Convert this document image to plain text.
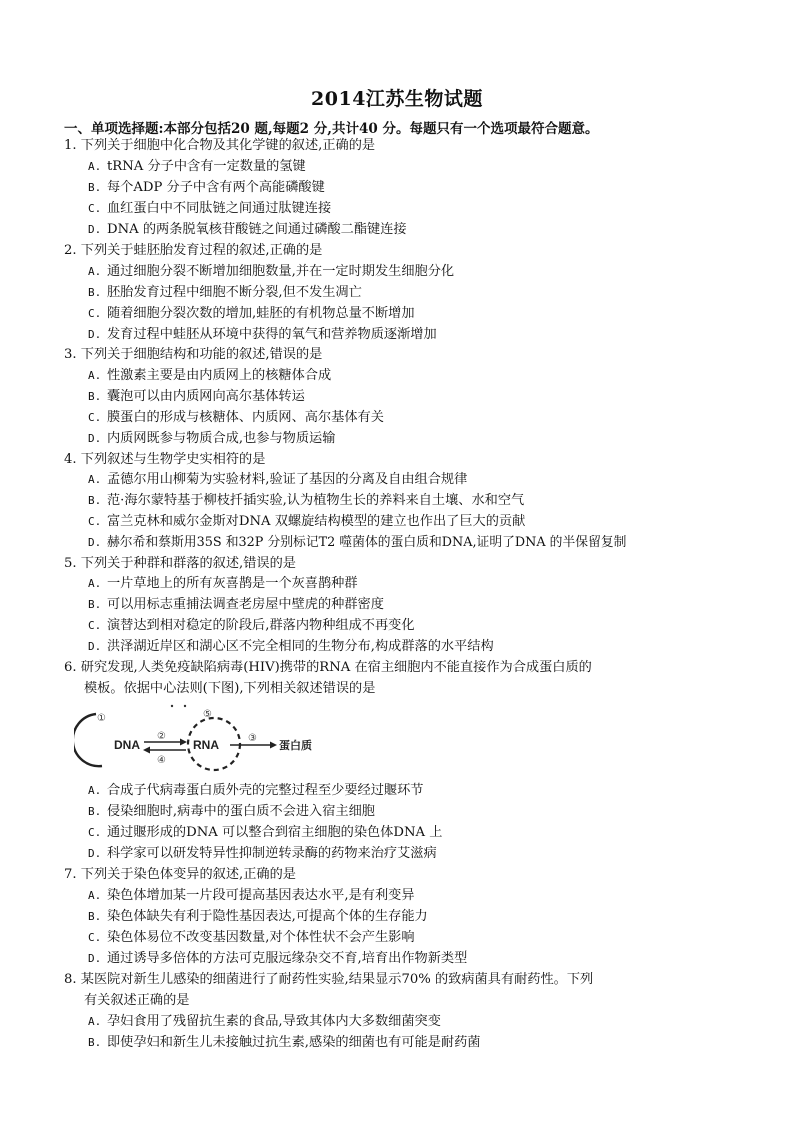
2014江苏生物试题
一、单项选择题:本部分包括20 题,每题2 分,共计40 分。每题只有一个选项最符合题意。
1. 下列关于细胞中化合物及其化学键的叙述,正确的是
A. tRNA 分子中含有一定数量的氢键
B. 每个ADP 分子中含有两个高能磷酸键
C. 血红蛋白中不同肽链之间通过肽键连接
D. DNA 的两条脱氧核苷酸链之间通过磷酸二酯键连接
2. 下列关于蛙胚胎发育过程的叙述,正确的是
A. 通过细胞分裂不断增加细胞数量,并在一定时期发生细胞分化
B. 胚胎发育过程中细胞不断分裂,但不发生凋亡
C. 随着细胞分裂次数的增加,蛙胚的有机物总量不断增加
D. 发育过程中蛙胚从环境中获得的氧气和营养物质逐渐增加
3. 下列关于细胞结构和功能的叙述,错误的是
A. 性激素主要是由内质网上的核糖体合成
B. 囊泡可以由内质网向高尔基体转运
C. 膜蛋白的形成与核糖体、内质网、高尔基体有关
D. 内质网既参与物质合成,也参与物质运输
4. 下列叙述与生物学史实相符的是
A. 孟德尔用山柳菊为实验材料,验证了基因的分离及自由组合规律
B. 范·海尔蒙特基于柳枝扦插实验,认为植物生长的养料来自土壤、水和空气
C. 富兰克林和威尔金斯对DNA 双螺旋结构模型的建立也作出了巨大的贡献
D. 赫尔希和蔡斯用35S 和32P 分别标记T2 噬菌体的蛋白质和DNA,证明了DNA 的半保留复制
5. 下列关于种群和群落的叙述,错误的是
A. 一片草地上的所有灰喜鹊是一个灰喜鹊种群
B. 可以用标志重捕法调查老房屋中壁虎的种群密度
C. 演替达到相对稳定的阶段后,群落内物种组成不再变化
D. 洪泽湖近岸区和湖心区不完全相同的生物分布,构成群落的水平结构
6. 研究发现,人类免疫缺陷病毒(HIV)携带的RNA 在宿主细胞内不能直接作为合成蛋白质的
模板。依据中心法则(下图),下列相关叙述错误的是
①
DNA
②
④
⑤
RNA	③
蛋白质
A. 合成子代病毒蛋白质外壳的完整过程至少要经过䞁环节
B. 侵染细胞时,病毒中的蛋白质不会进入宿主细胞
C. 通过䞁形成的DNA 可以整合到宿主细胞的染色体DNA 上
D. 科学家可以研发特异性抑制逆转录酶的药物来治疗艾滋病
7. 下列关于染色体变异的叙述,正确的是
A. 染色体增加某一片段可提高基因表达水平,是有利变异
B. 染色体缺失有利于隐性基因表达,可提高个体的生存能力
C. 染色体易位不改变基因数量,对个体性状不会产生影响
D. 通过诱导多倍体的方法可克服远缘杂交不育,培育出作物新类型
8. 某医院对新生儿感染的细菌进行了耐药性实验,结果显示70% 的致病菌具有耐药性。下列
有关叙述正确的是
A. 孕妇食用了残留抗生素的食品,导致其体内大多数细菌突变
B. 即使孕妇和新生儿未接触过抗生素,感染的细菌也有可能是耐药菌
